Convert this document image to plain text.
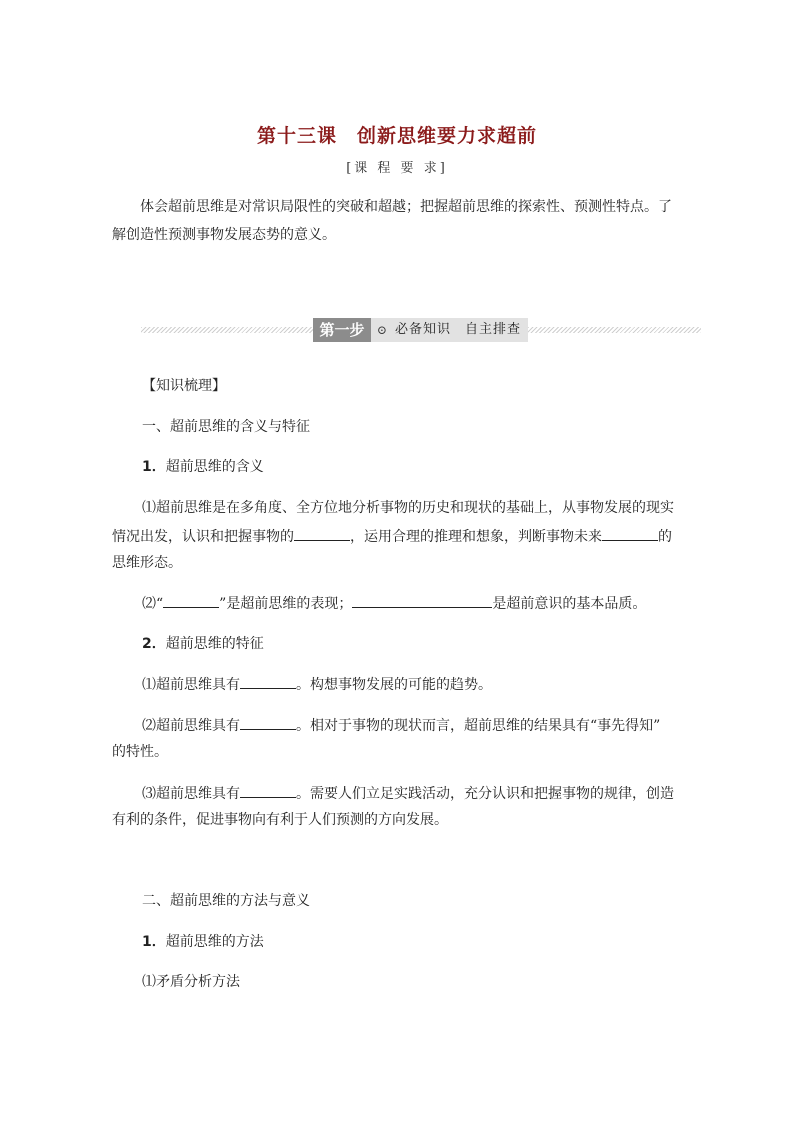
第十三课　创新思维要力求超前
[课 程 要 求]
体会超前思维是对常识局限性的突破和超越；把握超前思维的探索性、预测性特点。了
解创造性预测事物发展态势的意义。
第一步	⊙ 必备知识　自主排查
【知识梳理】
一、超前思维的含义与特征
1．超前思维的含义
⑴超前思维是在多角度、全方位地分析事物的历史和现状的基础上，从事物发展的现实
情况出发，认识和把握事物的	，运用合理的推理和想象，判断事物未来	的
思维形态。
⑵“	”是超前思维的表现；	是超前意识的基本品质。
2．超前思维的特征
⑴超前思维具有	。构想事物发展的可能的趋势。
⑵超前思维具有	。相对于事物的现状而言，超前思维的结果具有“事先得知”
的特性。
⑶超前思维具有	。需要人们立足实践活动，充分认识和把握事物的规律，创造
有利的条件，促进事物向有利于人们预测的方向发展。
二、超前思维的方法与意义
1．超前思维的方法
⑴矛盾分析方法
